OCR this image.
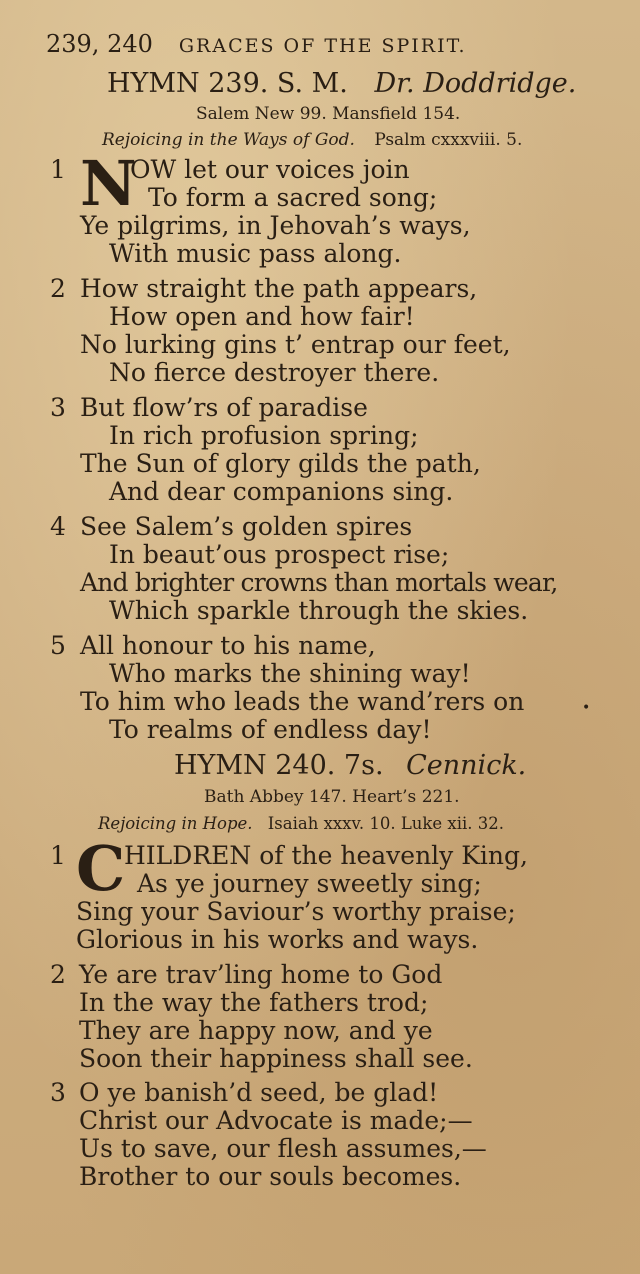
239, 240 GRACES OF THE SPIRIT.
HYMN 239. S. M. Dr. Doddridge.
Salem New 99. Mansfield 154.
Rejoicing in the Ways of God. Psalm cxxxviii. 5.
1 N
OW let our voices join
To form a sacred song;
Ye pilgrims, in Jehovah’s ways,
With music pass along.
2 How straight the path appears,
How open and how fair!
No lurking gins t’ entrap our feet,
No fierce destroyer there.
3 But flow’rs of paradise
In rich profusion spring;
The Sun of glory gilds the path,
And dear companions sing.
4 See Salem’s golden spires
In beaut’ous prospect rise;
And brighter crowns than mortals wear,
Which sparkle through the skies.
5 All honour to his name,
Who marks the shining way!
To him who leads the wand’rers on	•
To realms of endless day!
HYMN 240. 7s. Cennick.
Bath Abbey 147. Heart’s 221.
Rejoicing in Hope. Isaiah xxxv. 10. Luke xii. 32.
1 C
HILDREN of the heavenly King,
As ye journey sweetly sing;
Sing your Saviour’s worthy praise;
Glorious in his works and ways.
2 Ye are trav’ling home to God
In the way the fathers trod;
They are happy now, and ye
Soon their happiness shall see.
3 O ye banish’d seed, be glad!
Christ our Advocate is made;—
Us to save, our flesh assumes,—
Brother to our souls becomes.
